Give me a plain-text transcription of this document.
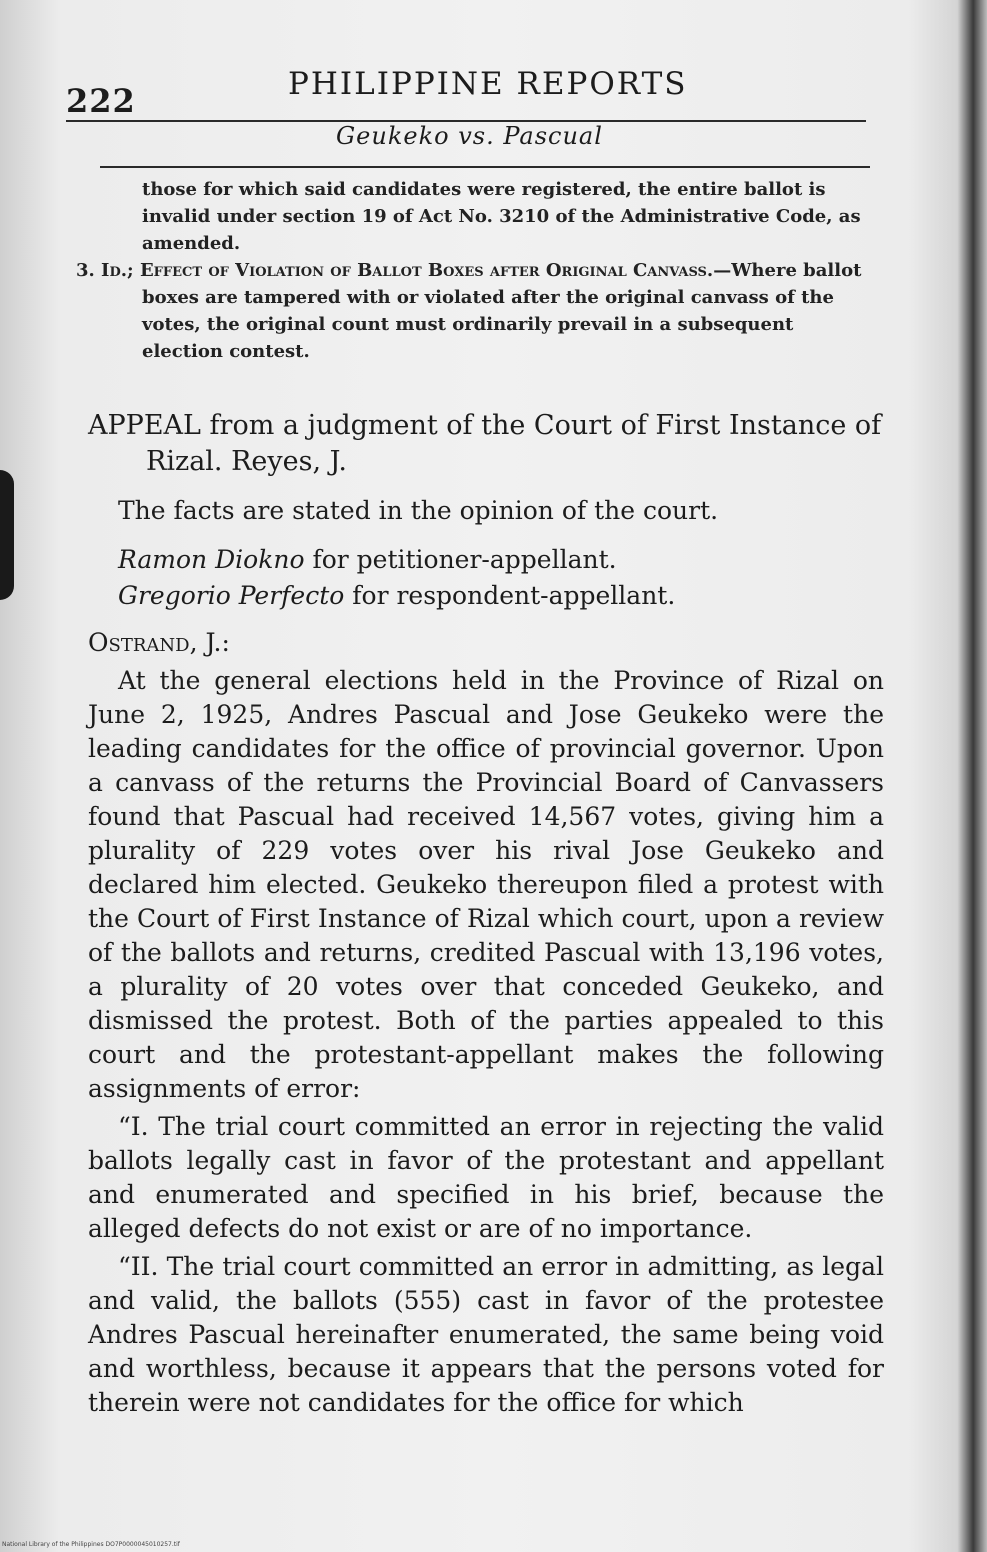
222	PHILIPPINE REPORTS
Geukeko vs. Pascual

those for which said candidates were registered, the entire ballot is invalid under section 19 of Act No. 3210 of the Administrative Code, as amended.

3. Id.; Effect of Violation of Ballot Boxes after Original Canvass.—Where ballot boxes are tampered with or violated after the original canvass of the votes, the original count must ordinarily prevail in a subsequent election contest.

APPEAL from a judgment of the Court of First Instance of Rizal. Reyes, J.

The facts are stated in the opinion of the court.

Ramon Diokno for petitioner-appellant.
Gregorio Perfecto for respondent-appellant.

Ostrand, J.:

At the general elections held in the Province of Rizal on June 2, 1925, Andres Pascual and Jose Geukeko were the leading candidates for the office of provincial governor. Upon a canvass of the returns the Provincial Board of Canvassers found that Pascual had received 14,567 votes, giving him a plurality of 229 votes over his rival Jose Geukeko and declared him elected. Geukeko thereupon filed a protest with the Court of First Instance of Rizal which court, upon a review of the ballots and returns, credited Pascual with 13,196 votes, a plurality of 20 votes over that conceded Geukeko, and dismissed the protest. Both of the parties appealed to this court and the protestant-appellant makes the following assignments of error:

“I. The trial court committed an error in rejecting the valid ballots legally cast in favor of the protestant and appellant and enumerated and specified in his brief, because the alleged defects do not exist or are of no importance.

“II. The trial court committed an error in admitting, as legal and valid, the ballots (555) cast in favor of the protestee Andres Pascual hereinafter enumerated, the same being void and worthless, because it appears that the persons voted for therein were not candidates for the office for which

National Library of the Philippines DO7P0000045010257.tif
